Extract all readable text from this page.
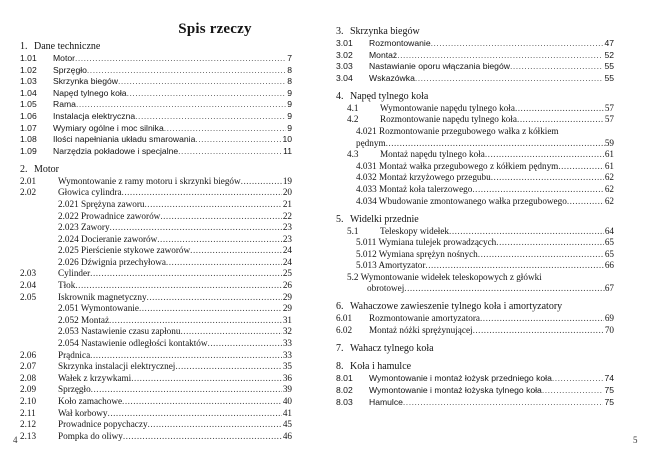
Spis rzeczy
1. Dane techniczne
1.01	Motor .....	7
1.02	Sprzęgło .....	8
1.03	Skrzynka biegów .....	8
1.04	Napęd tylnego koła .....	9
1.05	Rama .....	9
1.06	Instalacja elektryczna .....	9
1.07	Wymiary ogólne i moc silnika .....	9
1.08	Ilości napełniania układu smarowania .....	10
1.09	Narzędzia pokładowe i specjalne .....	11
2. Motor
2.01	Wymontowanie z ramy motoru i skrzynki biegów .....	19
2.02	Głowica cylindra .....	20
2.021 Sprężyna zaworu .....	21
2.022 Prowadnice zaworów .....	22
2.023 Zawory .....	23
2.024 Docieranie zaworów .....	23
2.025 Pierścienie stykowe zaworów .....	24
2.026 Dźwignia przechyłowa .....	24
2.03	Cylinder .....	25
2.04	Tłok .....	26
2.05	Iskrownik magnetyczny .....	29
2.051 Wymontowanie .....	29
2.052 Montaż .....	31
2.053 Nastawienie czasu zapłonu .....	32
2.054 Nastawienie odległości kontaktów .....	33
2.06	Prądnica .....	33
2.07	Skrzynka instalacji elektrycznej .....	35
2.08	Wałek z krzywkami .....	36
2.09	Sprzęgło .....	39
2.10	Koło zamachowe .....	40
2.11	Wał korbowy .....	41
2.12	Prowadnice popychaczy .....	45
2.13	Pompka do oliwy .....	46
3. Skrzynka biegów
3.01	Rozmontowanie .....	47
3.02	Montaż .....	52
3.03	Nastawianie oporu włączania biegów .....	55
3.04	Wskazówka .....	55
4. Napęd tylnego koła
4.1	Wymontowanie napędu tylnego koła .....	57
4.2	Rozmontowanie napędu tylnego koła .....	57
4.021 Rozmontowanie przegubowego wałka z kółkiem
pędnym .....	59
4.3	Montaż napędu tylnego koła .....	61
4.031 Montaż wałka przegubowego z kółkiem pędnym .....	61
4.032 Montaż krzyżowego przegubu .....	62
4.033 Montaż koła talerzowego .....	62
4.034 Wbudowanie zmontowanego wałka przegubowego .....	62
5. Widelki przednie
5.1	Teleskopy widełek .....	64
5.011 Wymiana tulejek prowadzących .....	65
5.012 Wymiana sprężyn nośnych .....	65
5.013 Amortyzator .....	66
5.2 Wymontowanie widełek teleskopowych z główki
obrotowej .....	67
6. Wahaczowe zawieszenie tylnego koła i amortyzatory
6.01	Rozmontowanie amortyzatora .....	69
6.02	Montaż nóżki sprężynującej .....	70
7. Wahacz tylnego koła
8. Koła i hamulce
8.01	Wymontowanie i montaż łożysk przedniego koła .....	74
8.02	Wymontowanie i montaż łożyska tylnego koła .....	75
8.03	Hamulce .....	75
4	5
